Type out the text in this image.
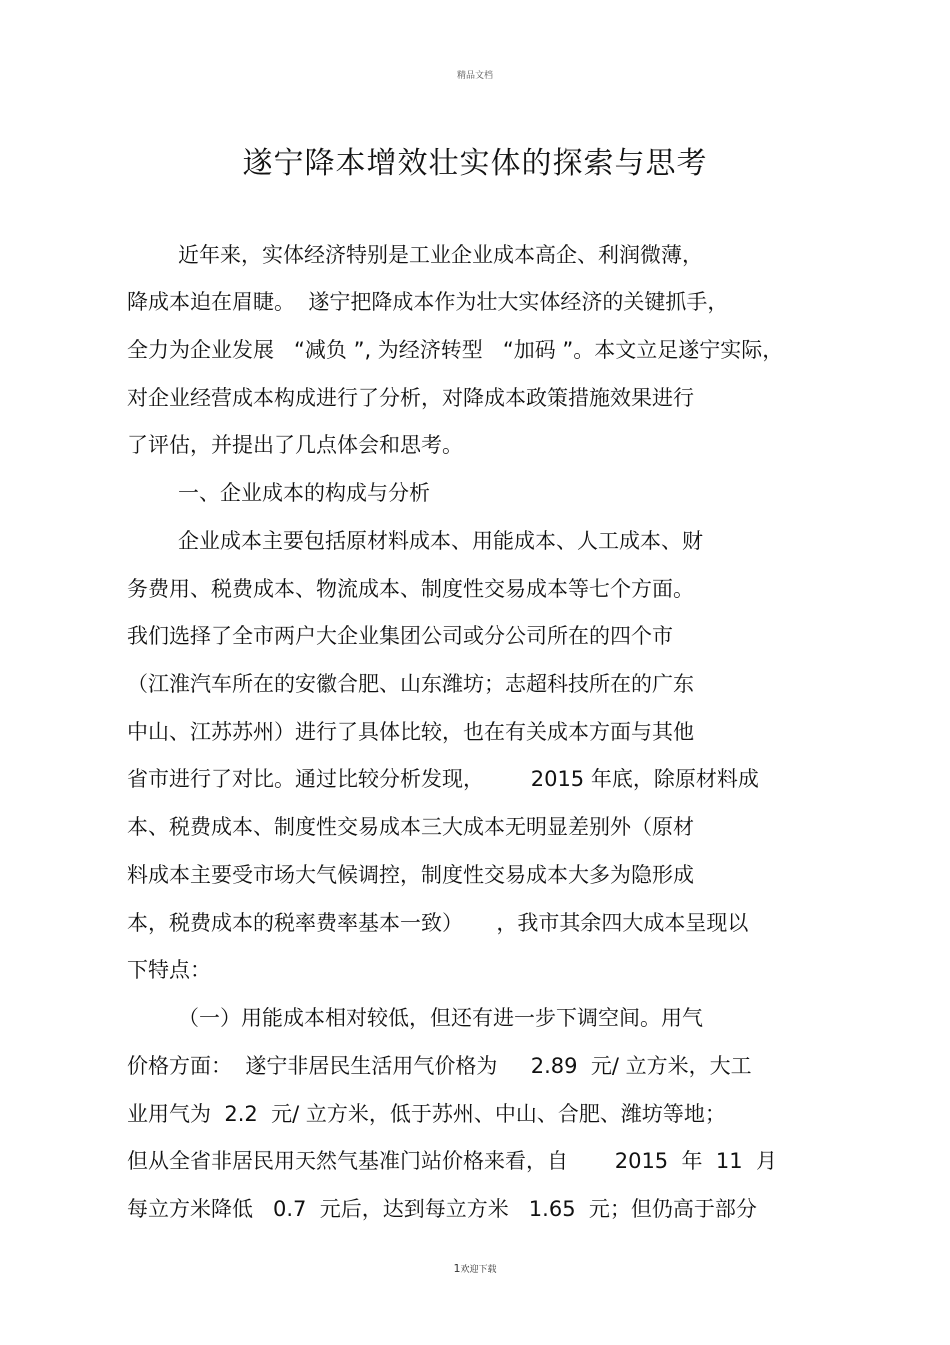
精品文档
遂宁降本增效壮实体的探索与思考
近年来，实体经济特别是工业企业成本高企、利润微薄，
降成本迫在眉睫。  遂宁把降成本作为壮大实体经济的关键抓手，
全力为企业发展   “减负 ”, 为经济转型   “加码 ”。本文立足遂宁实际，
对企业经营成本构成进行了分析，对降成本政策措施效果进行
了评估，并提出了几点体会和思考。
一、企业成本的构成与分析
企业成本主要包括原材料成本、用能成本、人工成本、财
务费用、税费成本、物流成本、制度性交易成本等七个方面。
我们选择了全市两户大企业集团公司或分公司所在的四个市
（江淮汽车所在的安徽合肥、山东潍坊；志超科技所在的广东
中山、江苏苏州）进行了具体比较，也在有关成本方面与其他
省市进行了对比。通过比较分析发现，       2015 年底，除原材料成
本、税费成本、制度性交易成本三大成本无明显差别外（原材
料成本主要受市场大气候调控，制度性交易成本大多为隐形成
本，税费成本的税率费率基本一致）     ，我市其余四大成本呈现以
下特点：
（一）用能成本相对较低，但还有进一步下调空间。用气
价格方面：  遂宁非居民生活用气价格为     2.89  元/ 立方米，大工
业用气为  2.2  元/ 立方米，低于苏州、中山、合肥、潍坊等地；
但从全省非居民用天然气基准门站价格来看，自       2015  年  11  月
每立方米降低   0.7  元后，达到每立方米   1.65  元；但仍高于部分
1欢迎下载
